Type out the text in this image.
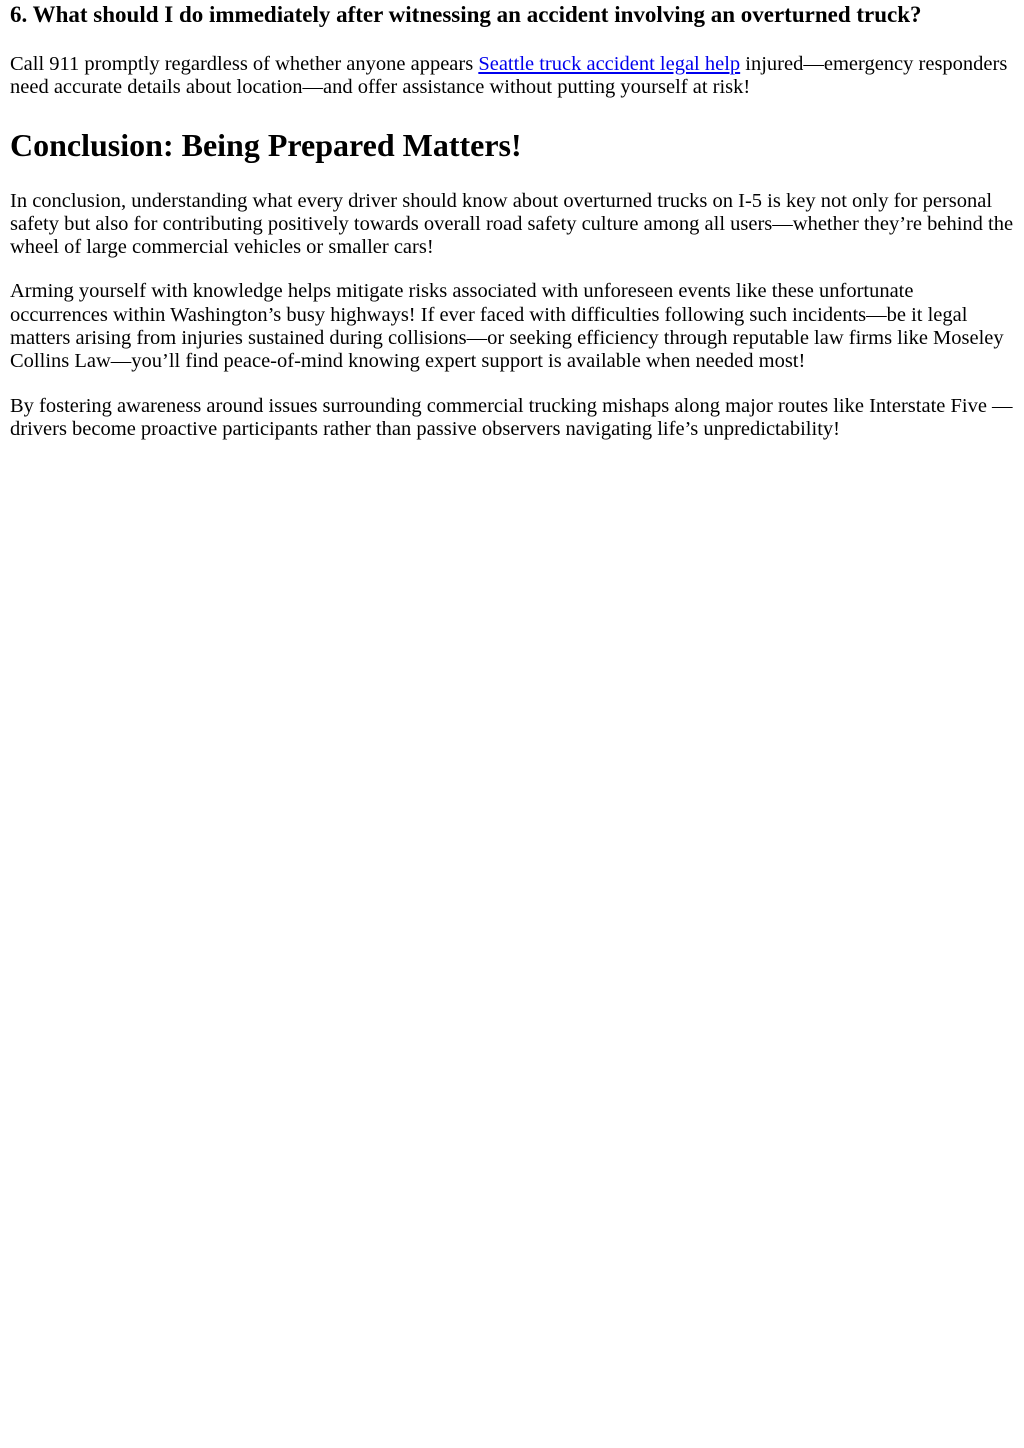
6. What should I do immediately after witnessing an accident involving an overturned truck?

Call 911 promptly regardless of whether anyone appears Seattle truck accident legal help injured—emergency responders need accurate details about location—and offer assistance without putting yourself at risk!

Conclusion: Being Prepared Matters!

In conclusion, understanding what every driver should know about overturned trucks on I-5 is key not only for personal safety but also for contributing positively towards overall road safety culture among all users—whether they’re behind the wheel of large commercial vehicles or smaller cars!

Arming yourself with knowledge helps mitigate risks associated with unforeseen events like these unfortunate occurrences within Washington’s busy highways! If ever faced with difficulties following such incidents—be it legal matters arising from injuries sustained during collisions—or seeking efficiency through reputable law firms like Moseley Collins Law—you’ll find peace-of-mind knowing expert support is available when needed most!

By fostering awareness around issues surrounding commercial trucking mishaps along major routes like Interstate Five —drivers become proactive participants rather than passive observers navigating life’s unpredictability!
